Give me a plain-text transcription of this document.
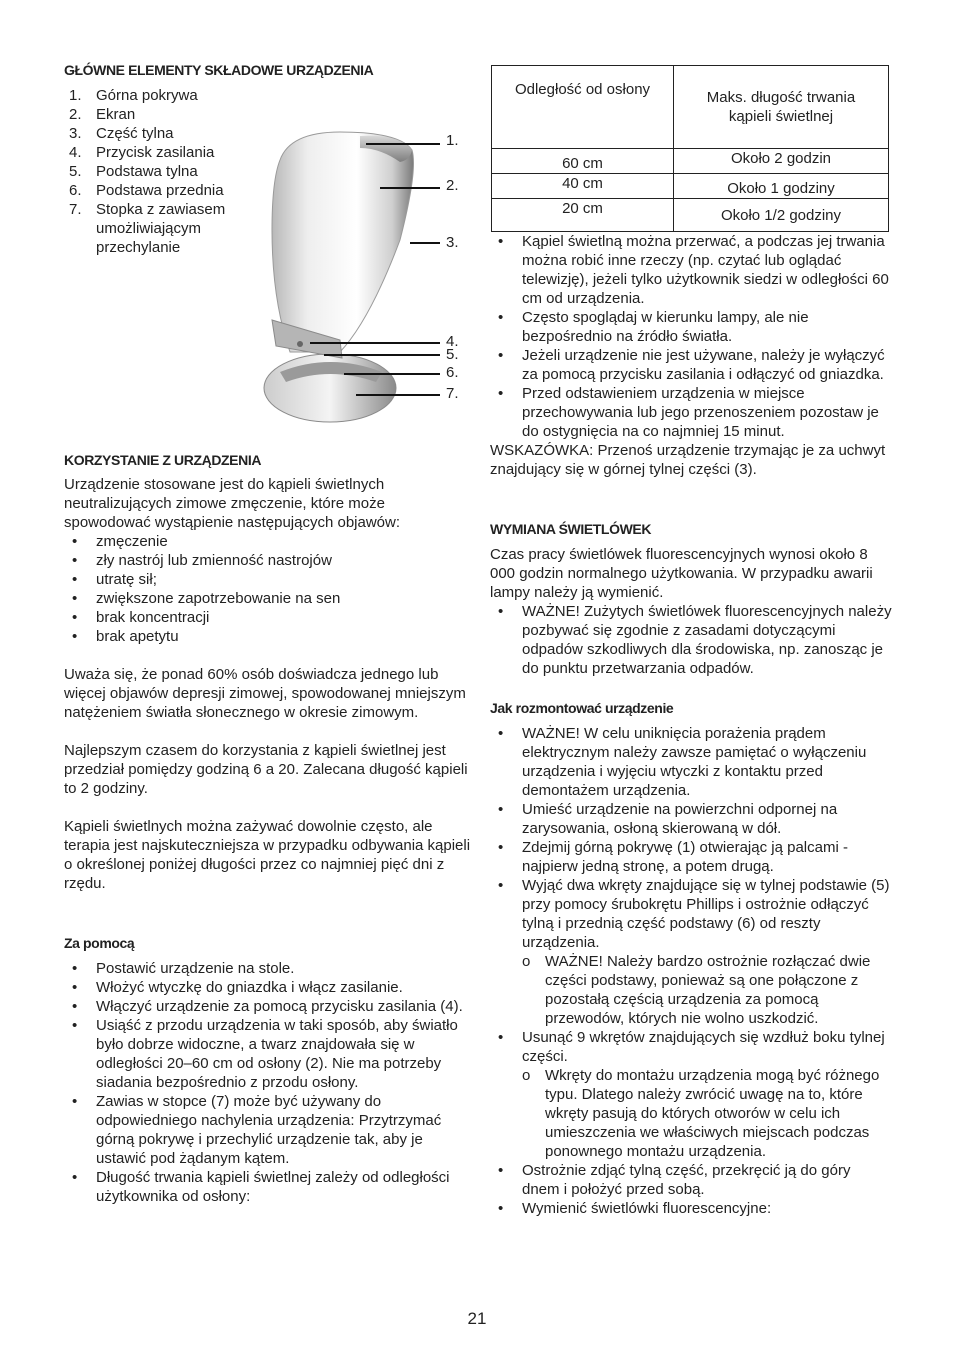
GŁÓWNE ELEMENTY SKŁADOWE URZĄDZENIA
1. Górna pokrywa
2. Ekran
3. Część tylna
4. Przycisk zasilania
5. Podstawa tylna
6. Podstawa przednia
7. Stopka z zawiasem umożliwiającym przechylanie
KORZYSTANIE Z URZĄDZENIA

Urządzenie stosowane jest do kąpieli świetlnych neutralizujących zimowe zmęczenie, które może spowodować wystąpienie następujących objawów:

• zmęczenie
• zły nastrój lub zmienność nastrojów
• utratę sił;
• zwiększone zapotrzebowanie na sen
• brak koncentracji
• brak apetytu

Uważa się, że ponad 60% osób doświadcza jednego lub więcej objawów depresji zimowej, spowodowanej mniejszym natężeniem światła słonecznego w okresie zimowym.

Najlepszym czasem do korzystania z kąpieli świetlnej jest przedział pomiędzy godziną 6 a 20. Zalecana długość kąpieli to 2 godziny.

Kąpieli świetlnych można zażywać dowolnie często, ale terapia jest najskuteczniejsza w przypadku odbywania kąpieli o określonej poniżej długości przez co najmniej pięć dni z rzędu.

Za pomocą
• Postawić urządzenie na stole.
• Włożyć wtyczkę do gniazdka i włącz zasilanie.
• Włączyć urządzenie za pomocą przycisku zasilania (4).
• Usiąść z przodu urządzenia w taki sposób, aby światło było dobrze widoczne, a twarz znajdowała się w odległości 20–60 cm od osłony (2). Nie ma potrzeby siadania bezpośrednio z przodu osłony.
• Zawias w stopce (7) może być używany do odpowiedniego nachylenia urządzenia: Przytrzymać górną pokrywę i przechylić urządzenie tak, aby je ustawić pod żądanym kątem.
• Długość trwania kąpieli świetlnej zależy od odległości użytkownika od osłony:
1.
2.
3.
4.
5.
6.
7.
Odległość od osłony	Maks. długość trwania kąpieli świetlnej
60 cm	Około 2 godzin
40 cm	Około 1 godziny
20 cm	Około 1/2 godziny
• Kąpiel świetlną można przerwać, a podczas jej trwania można robić inne rzeczy (np. czytać lub oglądać telewizję), jeżeli tylko użytkownik siedzi w odległości 60 cm od urządzenia.
• Często spoglądaj w kierunku lampy, ale nie bezpośrednio na źródło światła.
• Jeżeli urządzenie nie jest używane, należy je wyłączyć za pomocą przycisku zasilania i odłączyć od gniazdka.
• Przed odstawieniem urządzenia w miejsce przechowywania lub jego przenoszeniem pozostaw je do ostygnięcia na co najmniej 15 minut.

WSKAZÓWKA: Przenoś urządzenie trzymając je za uchwyt znajdujący się w górnej tylnej części (3).

WYMIANA ŚWIETLÓWEK

Czas pracy świetlówek fluorescencyjnych wynosi około 8 000 godzin normalnego użytkowania. W przypadku awarii lampy należy ją wymienić.

• WAŻNE! Zużytych świetlówek fluorescencyjnych należy pozbywać się zgodnie z zasadami dotyczącymi odpadów szkodliwych dla środowiska, np. zanosząc je do punktu przetwarzania odpadów.
Jak rozmontować urządzenie
• WAŻNE! W celu uniknięcia porażenia prądem elektrycznym należy zawsze pamiętać o wyłączeniu urządzenia i wyjęciu wtyczki z kontaktu przed demontażem urządzenia.
• Umieść urządzenie na powierzchni odpornej na zarysowania, osłoną skierowaną w dół.
• Zdejmij górną pokrywę (1) otwierając ją palcami - najpierw jedną stronę, a potem drugą.
• Wyjąć dwa wkręty znajdujące się w tylnej podstawie (5) przy pomocy śrubokrętu Phillips i ostrożnie odłączyć tylną i przednią część podstawy (6) od reszty urządzenia.
o WAŻNE! Należy bardzo ostrożnie rozłączać dwie części podstawy, ponieważ są one połączone z pozostałą częścią urządzenia za pomocą przewodów, których nie wolno uszkodzić.
• Usunąć 9 wkrętów znajdujących się wzdłuż boku tylnej części.
o Wkręty do montażu urządzenia mogą być różnego typu. Dlatego należy zwrócić uwagę na to, które wkręty pasują do których otworów w celu ich umieszczenia we właściwych miejscach podczas ponownego montażu urządzenia.
• Ostrożnie zdjąć tylną część, przekręcić ją do góry dnem i położyć przed sobą.
• Wymienić świetlówki fluorescencyjne:
21
